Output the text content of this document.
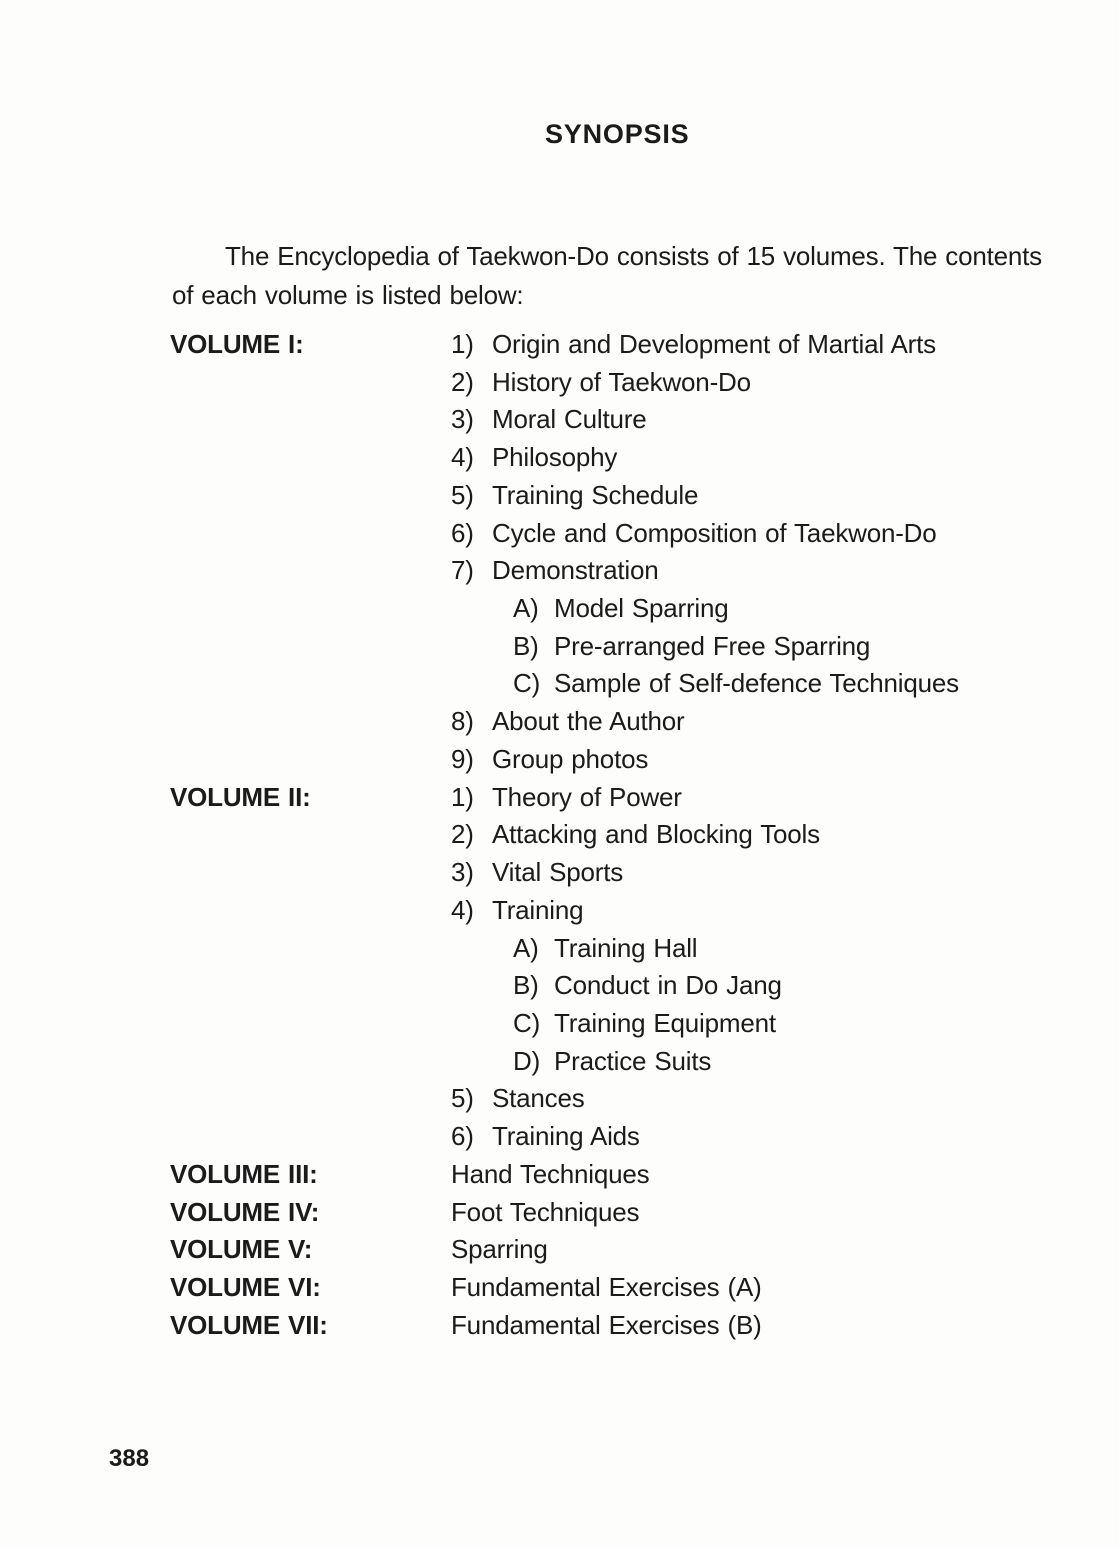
SYNOPSIS

The Encyclopedia of Taekwon-Do consists of 15 volumes. The contents
of each volume is listed below:

VOLUME I:	1) Origin and Development of Martial Arts
2) History of Taekwon-Do
3) Moral Culture
4) Philosophy
5) Training Schedule
6) Cycle and Composition of Taekwon-Do
7) Demonstration
A) Model Sparring
B) Pre-arranged Free Sparring
C) Sample of Self-defence Techniques
8) About the Author
9) Group photos
VOLUME II:	1) Theory of Power
2) Attacking and Blocking Tools
3) Vital Sports
4) Training
A) Training Hall
B) Conduct in Do Jang
C) Training Equipment
D) Practice Suits
5) Stances
6) Training Aids
VOLUME III:	Hand Techniques
VOLUME IV:	Foot Techniques
VOLUME V:	Sparring
VOLUME VI:	Fundamental Exercises (A)
VOLUME VII:	Fundamental Exercises (B)
388
